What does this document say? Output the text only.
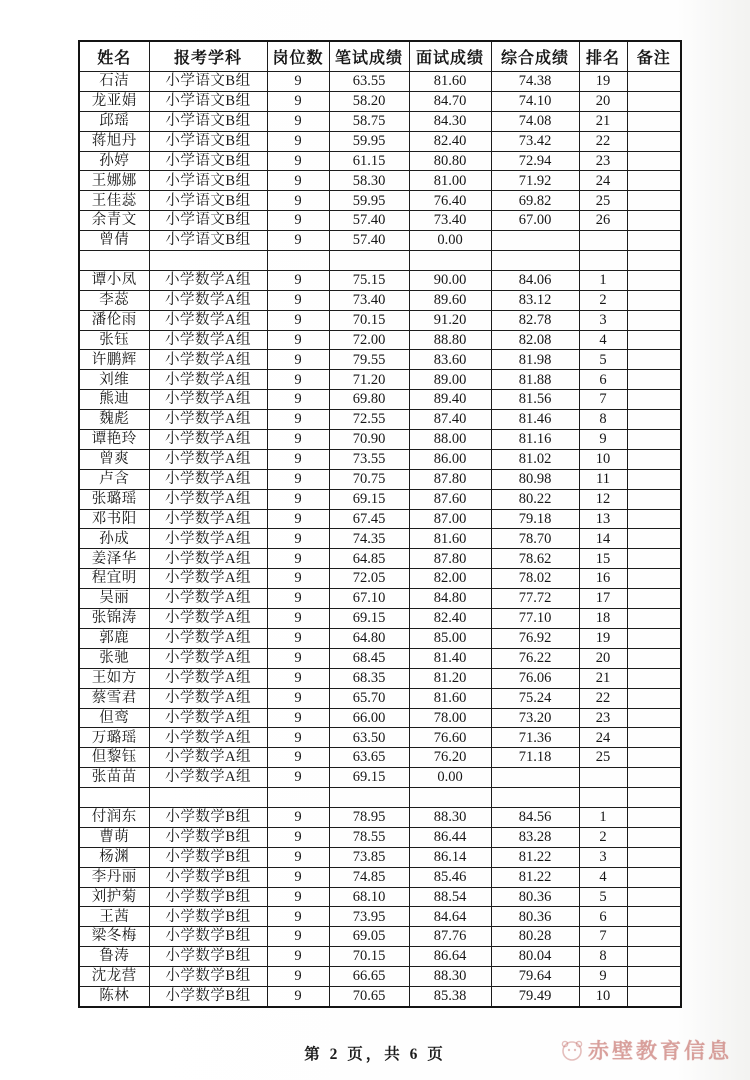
姓名	报考学科	岗位数	笔试成绩	面试成绩	综合成绩	排名	备注
石洁	小学语文B组	9	63.55	81.60	74.38	19	
龙亚娟	小学语文B组	9	58.20	84.70	74.10	20	
邱瑶	小学语文B组	9	58.75	84.30	74.08	21	
蒋旭丹	小学语文B组	9	59.95	82.40	73.42	22	
孙婷	小学语文B组	9	61.15	80.80	72.94	23	
王娜娜	小学语文B组	9	58.30	81.00	71.92	24	
王佳蕊	小学语文B组	9	59.95	76.40	69.82	25	
余青文	小学语文B组	9	57.40	73.40	67.00	26	
曾倩	小学语文B组	9	57.40	0.00			

谭小凤	小学数学A组	9	75.15	90.00	84.06	1	
李蕊	小学数学A组	9	73.40	89.60	83.12	2	
潘伦雨	小学数学A组	9	70.15	91.20	82.78	3	
张钰	小学数学A组	9	72.00	88.80	82.08	4	
许鹏辉	小学数学A组	9	79.55	83.60	81.98	5	
刘维	小学数学A组	9	71.20	89.00	81.88	6	
熊迪	小学数学A组	9	69.80	89.40	81.56	7	
魏彪	小学数学A组	9	72.55	87.40	81.46	8	
谭艳玲	小学数学A组	9	70.90	88.00	81.16	9	
曾爽	小学数学A组	9	73.55	86.00	81.02	10	
卢含	小学数学A组	9	70.75	87.80	80.98	11	
张璐瑶	小学数学A组	9	69.15	87.60	80.22	12	
邓书阳	小学数学A组	9	67.45	87.00	79.18	13	
孙成	小学数学A组	9	74.35	81.60	78.70	14	
姜泽华	小学数学A组	9	64.85	87.80	78.62	15	
程宜明	小学数学A组	9	72.05	82.00	78.02	16	
吴丽	小学数学A组	9	67.10	84.80	77.72	17	
张锦涛	小学数学A组	9	69.15	82.40	77.10	18	
郭鹿	小学数学A组	9	64.80	85.00	76.92	19	
张驰	小学数学A组	9	68.45	81.40	76.22	20	
王如方	小学数学A组	9	68.35	81.20	76.06	21	
蔡雪君	小学数学A组	9	65.70	81.60	75.24	22	
但鸾	小学数学A组	9	66.00	78.00	73.20	23	
万璐瑶	小学数学A组	9	63.50	76.60	71.36	24	
但黎钰	小学数学A组	9	63.65	76.20	71.18	25	
张苗苗	小学数学A组	9	69.15	0.00			

付润东	小学数学B组	9	78.95	88.30	84.56	1	
曹萌	小学数学B组	9	78.55	86.44	83.28	2	
杨渊	小学数学B组	9	73.85	86.14	81.22	3	
李丹丽	小学数学B组	9	74.85	85.46	81.22	4	
刘护菊	小学数学B组	9	68.10	88.54	80.36	5	
王茜	小学数学B组	9	73.95	84.64	80.36	6	
梁冬梅	小学数学B组	9	69.05	87.76	80.28	7	
鲁涛	小学数学B组	9	70.15	86.64	80.04	8	
沈龙营	小学数学B组	9	66.65	88.30	79.64	9	
陈林	小学数学B组	9	70.65	85.38	79.49	10	
第 2 页，共 6 页	赤壁教育信息
